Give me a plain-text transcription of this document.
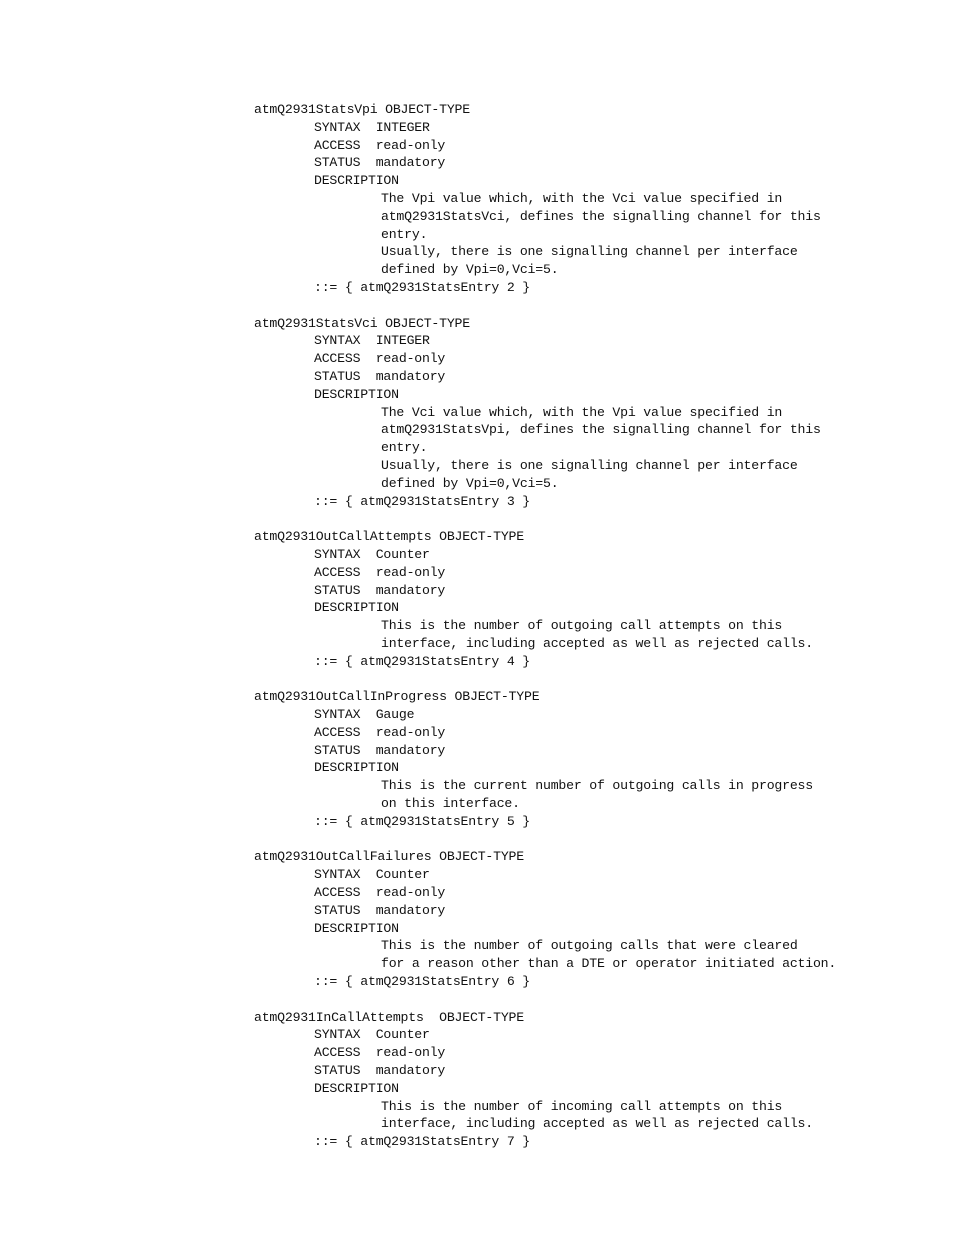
atmQ2931StatsVpi OBJECT-TYPE
SYNTAX  INTEGER
ACCESS  read-only
STATUS  mandatory
DESCRIPTION
The Vpi value which, with the Vci value specified in
atmQ2931StatsVci, defines the signalling channel for this
entry.
Usually, there is one signalling channel per interface
defined by Vpi=0,Vci=5.
::= { atmQ2931StatsEntry 2 }
atmQ2931StatsVci OBJECT-TYPE
SYNTAX  INTEGER
ACCESS  read-only
STATUS  mandatory
DESCRIPTION
The Vci value which, with the Vpi value specified in
atmQ2931StatsVpi, defines the signalling channel for this
entry.
Usually, there is one signalling channel per interface
defined by Vpi=0,Vci=5.
::= { atmQ2931StatsEntry 3 }
atmQ2931OutCallAttempts OBJECT-TYPE
SYNTAX  Counter
ACCESS  read-only
STATUS  mandatory
DESCRIPTION
This is the number of outgoing call attempts on this
interface, including accepted as well as rejected calls.
::= { atmQ2931StatsEntry 4 }
atmQ2931OutCallInProgress OBJECT-TYPE
SYNTAX  Gauge
ACCESS  read-only
STATUS  mandatory
DESCRIPTION
This is the current number of outgoing calls in progress
on this interface.
::= { atmQ2931StatsEntry 5 }
atmQ2931OutCallFailures OBJECT-TYPE
SYNTAX  Counter
ACCESS  read-only
STATUS  mandatory
DESCRIPTION
This is the number of outgoing calls that were cleared
for a reason other than a DTE or operator initiated action.
::= { atmQ2931StatsEntry 6 }
atmQ2931InCallAttempts  OBJECT-TYPE
SYNTAX  Counter
ACCESS  read-only
STATUS  mandatory
DESCRIPTION
This is the number of incoming call attempts on this
interface, including accepted as well as rejected calls.
::= { atmQ2931StatsEntry 7 }
